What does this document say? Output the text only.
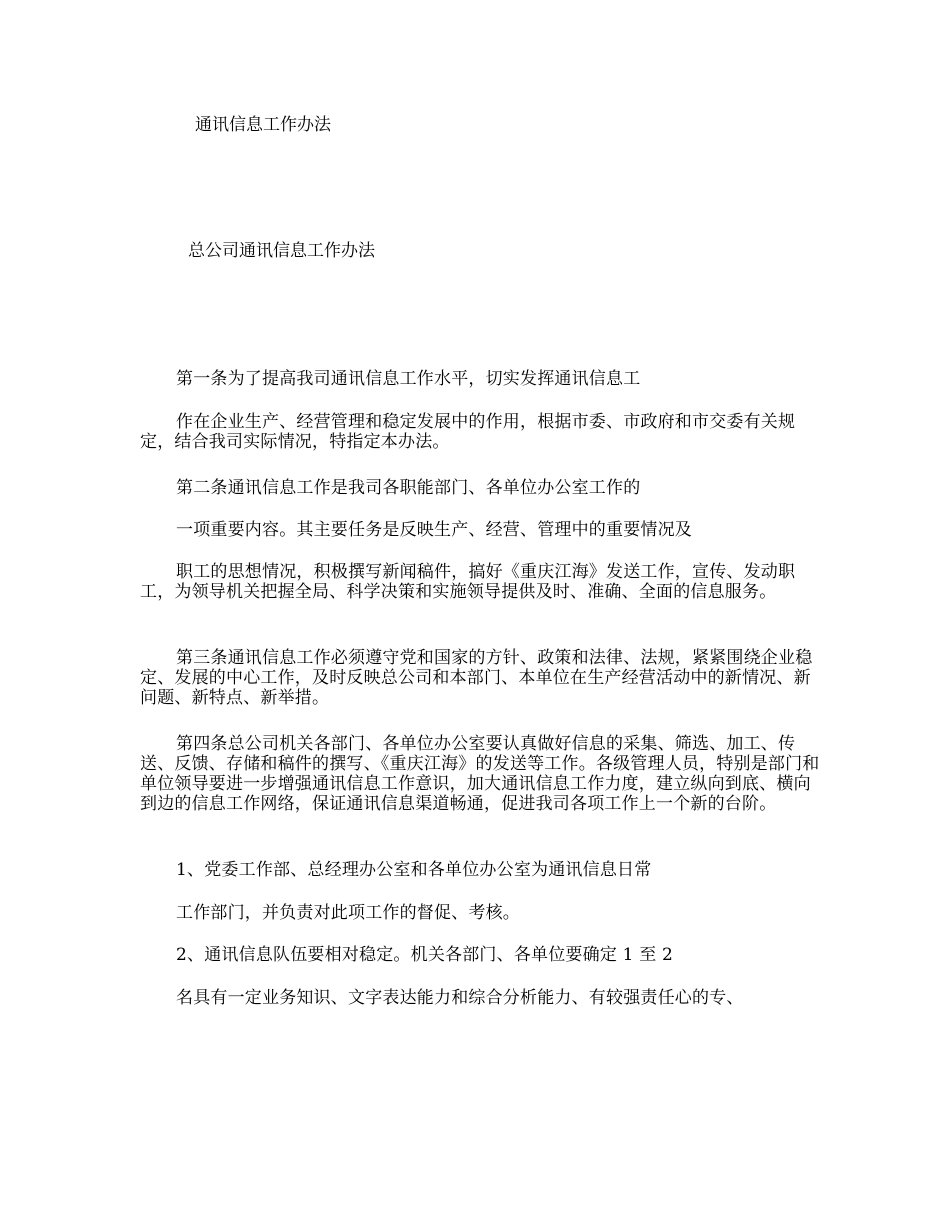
通讯信息工作办法
总公司通讯信息工作办法

第一条为了提高我司通讯信息工作水平，切实发挥通讯信息工

作在企业生产、经营管理和稳定发展中的作用，根据市委、市政府和市交委有关规定，结合我司实际情况，特指定本办法。

第二条通讯信息工作是我司各职能部门、各单位办公室工作的

一项重要内容。其主要任务是反映生产、经营、管理中的重要情况及

职工的思想情况，积极撰写新闻稿件，搞好《重庆江海》发送工作，宣传、发动职工，为领导机关把握全局、科学决策和实施领导提供及时、准确、全面的信息服务。

第三条通讯信息工作必须遵守党和国家的方针、政策和法律、法规，紧紧围绕企业稳定、发展的中心工作，及时反映总公司和本部门、本单位在生产经营活动中的新情况、新问题、新特点、新举措。

第四条总公司机关各部门、各单位办公室要认真做好信息的采集、筛选、加工、传送、反馈、存储和稿件的撰写、《重庆江海》的发送等工作。各级管理人员，特别是部门和单位领导要进一步增强通讯信息工作意识，加大通讯信息工作力度，建立纵向到底、横向到边的信息工作网络，保证通讯信息渠道畅通，促进我司各项工作上一个新的台阶。

1、党委工作部、总经理办公室和各单位办公室为通讯信息日常

工作部门，并负责对此项工作的督促、考核。

2、通讯信息队伍要相对稳定。机关各部门、各单位要确定 1 至 2

名具有一定业务知识、文字表达能力和综合分析能力、有较强责任心的专、
